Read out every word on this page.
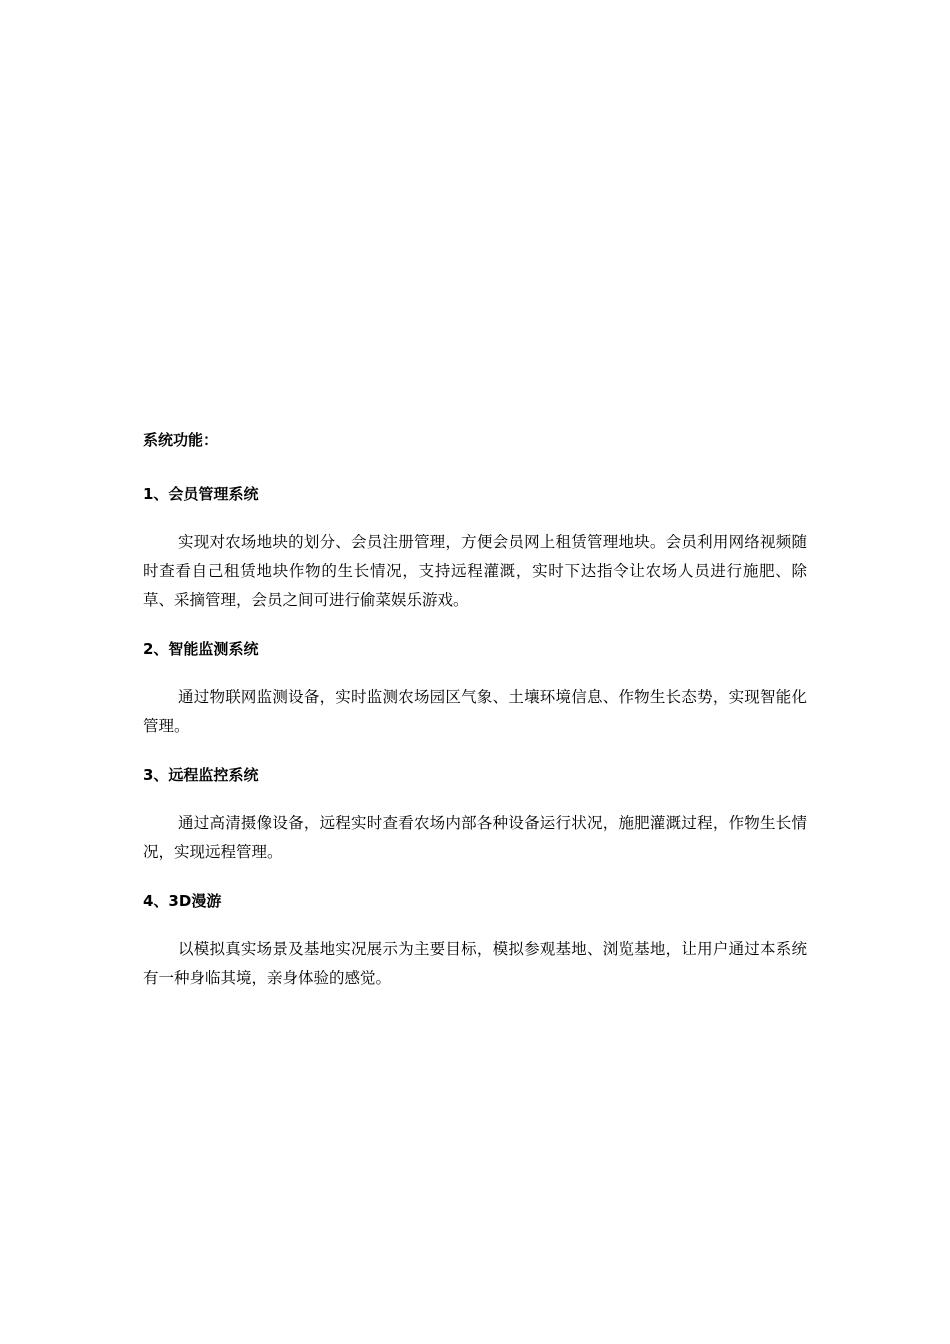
系统功能：

1、会员管理系统

实现对农场地块的划分、会员注册管理，方便会员网上租赁管理地块。会员利用网络视频随时查看自己租赁地块作物的生长情况，支持远程灌溉，实时下达指令让农场人员进行施肥、除草、采摘管理，会员之间可进行偷菜娱乐游戏。

2、智能监测系统

通过物联网监测设备，实时监测农场园区气象、土壤环境信息、作物生长态势，实现智能化管理。

3、远程监控系统

通过高清摄像设备，远程实时查看农场内部各种设备运行状况，施肥灌溉过程，作物生长情况，实现远程管理。

4、3D漫游

以模拟真实场景及基地实况展示为主要目标，模拟参观基地、浏览基地，让用户通过本系统有一种身临其境，亲身体验的感觉。
